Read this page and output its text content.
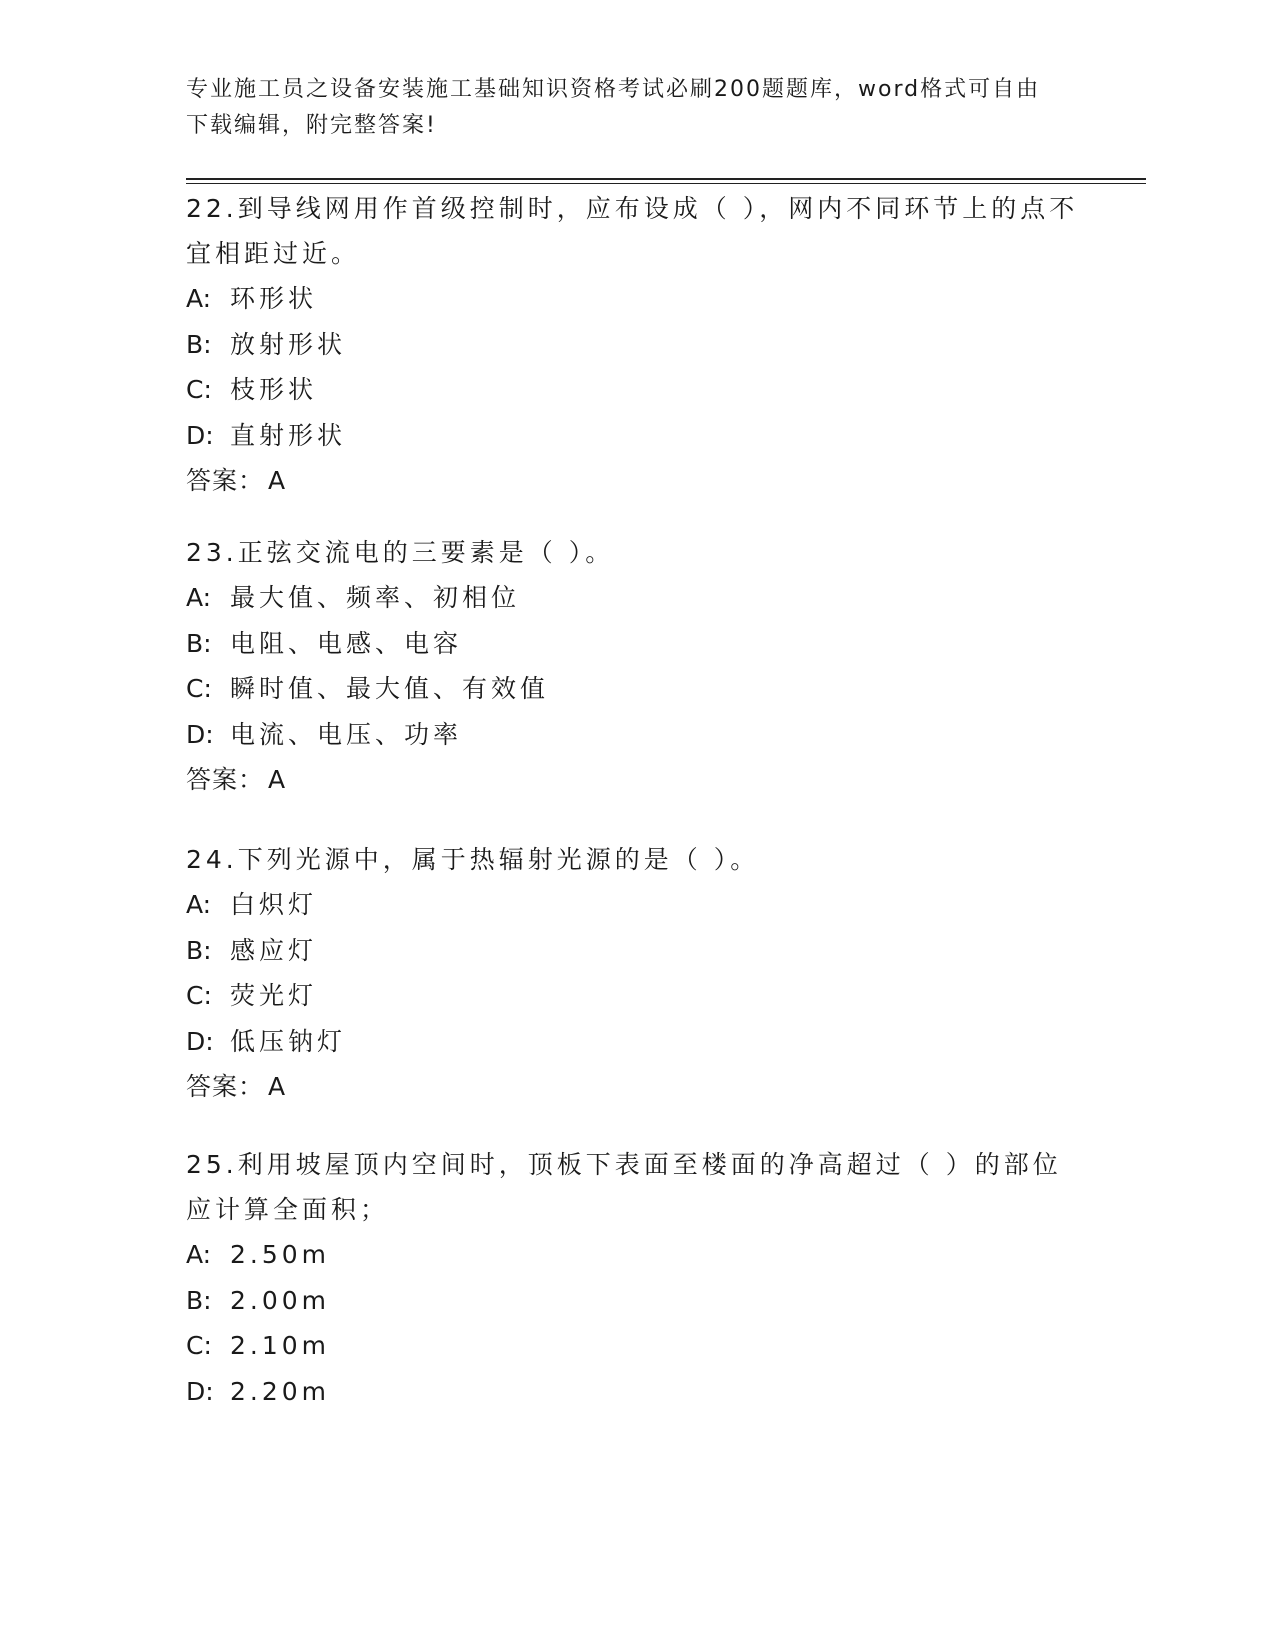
专业施工员之设备安装施工基础知识资格考试必刷200题题库，word格式可自由下载编辑，附完整答案!

22.到导线网用作首级控制时，应布设成（ ），网内不同环节上的点不宜相距过近。

A: 环形状

B: 放射形状

C: 枝形状

D: 直射形状

答案： A

23.正弦交流电的三要素是（ ）。

A: 最大值、频率、初相位

B: 电阻、电感、电容

C: 瞬时值、最大值、有效值

D: 电流、电压、功率

答案： A

24.下列光源中，属于热辐射光源的是（ ）。

A: 白炽灯

B: 感应灯

C: 荧光灯

D: 低压钠灯

答案： A

25.利用坡屋顶内空间时，顶板下表面至楼面的净高超过（ ）的部位应计算全面积；

A: 2.50m

B: 2.00m

C: 2.10m

D: 2.20m
